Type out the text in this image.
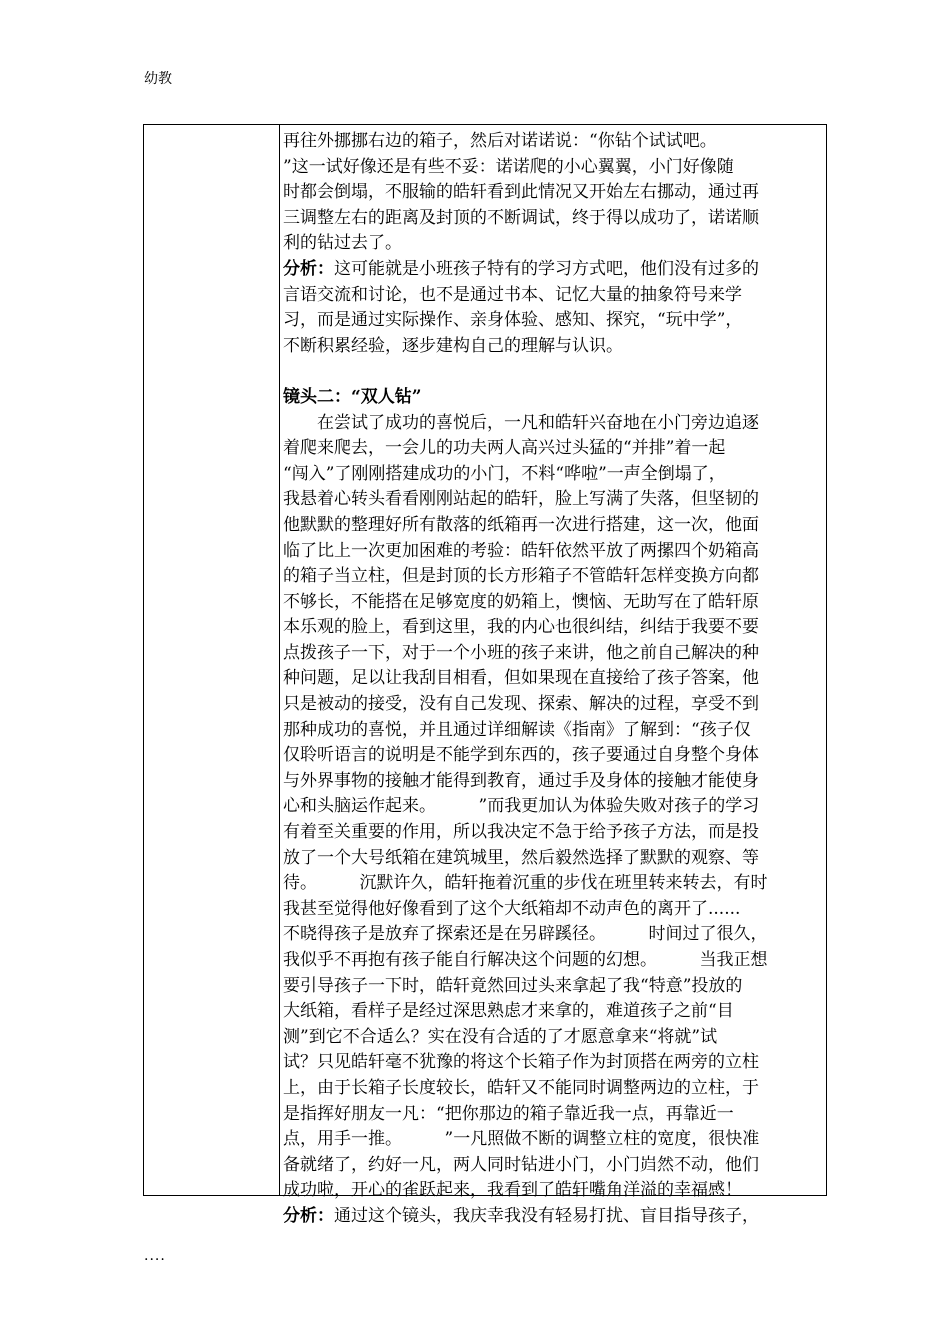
幼教
再往外挪挪右边的箱子，然后对诺诺说：“你钻个试试吧。
”这一试好像还是有些不妥：诺诺爬的小心翼翼，小门好像随
时都会倒塌，不服输的皓轩看到此情况又开始左右挪动，通过再
三调整左右的距离及封顶的不断调试，终于得以成功了，诺诺顺
利的钻过去了。
分析：这可能就是小班孩子特有的学习方式吧，他们没有过多的
言语交流和讨论，也不是通过书本、记忆大量的抽象符号来学
习，而是通过实际操作、亲身体验、感知、探究，“玩中学”，
不断积累经验，逐步建构自己的理解与认识。
镜头二：“双人钻”
　　在尝试了成功的喜悦后，一凡和皓轩兴奋地在小门旁边追逐
着爬来爬去，一会儿的功夫两人高兴过头猛的“并排”着一起
“闯入”了刚刚搭建成功的小门，不料“哗啦”一声全倒塌了，
我悬着心转头看看刚刚站起的皓轩，脸上写满了失落，但坚韧的
他默默的整理好所有散落的纸箱再一次进行搭建，这一次，他面
临了比上一次更加困难的考验：皓轩依然平放了两摞四个奶箱高
的箱子当立柱，但是封顶的长方形箱子不管皓轩怎样变换方向都
不够长，不能搭在足够宽度的奶箱上，懊恼、无助写在了皓轩原
本乐观的脸上，看到这里，我的内心也很纠结，纠结于我要不要
点拨孩子一下，对于一个小班的孩子来讲，他之前自己解决的种
种问题，足以让我刮目相看，但如果现在直接给了孩子答案，他
只是被动的接受，没有自己发现、探索、解决的过程，享受不到
那种成功的喜悦，并且通过详细解读《指南》了解到：“孩子仅
仅聆听语言的说明是不能学到东西的，孩子要通过自身整个身体
与外界事物的接触才能得到教育，通过手及身体的接触才能使身
心和头脑运作起来。　　　”而我更加认为体验失败对孩子的学习
有着至关重要的作用，所以我决定不急于给予孩子方法，而是投
放了一个大号纸箱在建筑城里，然后毅然选择了默默的观察、等
待。　　　沉默许久，皓轩拖着沉重的步伐在班里转来转去，有时
我甚至觉得他好像看到了这个大纸箱却不动声色的离开了......
不晓得孩子是放弃了探索还是在另辟蹊径。　　　时间过了很久，
我似乎不再抱有孩子能自行解决这个问题的幻想。　　　当我正想
要引导孩子一下时，皓轩竟然回过头来拿起了我“特意”投放的
大纸箱，看样子是经过深思熟虑才来拿的，难道孩子之前“目
测”到它不合适么？实在没有合适的了才愿意拿来“将就”试
试？只见皓轩毫不犹豫的将这个长箱子作为封顶搭在两旁的立柱
上，由于长箱子长度较长，皓轩又不能同时调整两边的立柱，于
是指挥好朋友一凡：“把你那边的箱子靠近我一点，再靠近一
点，用手一推。　　　”一凡照做不断的调整立柱的宽度，很快准
备就绪了，约好一凡，两人同时钻进小门，小门岿然不动，他们
成功啦，开心的雀跃起来，我看到了皓轩嘴角洋溢的幸福感！
分析：通过这个镜头，我庆幸我没有轻易打扰、盲目指导孩子，
....
